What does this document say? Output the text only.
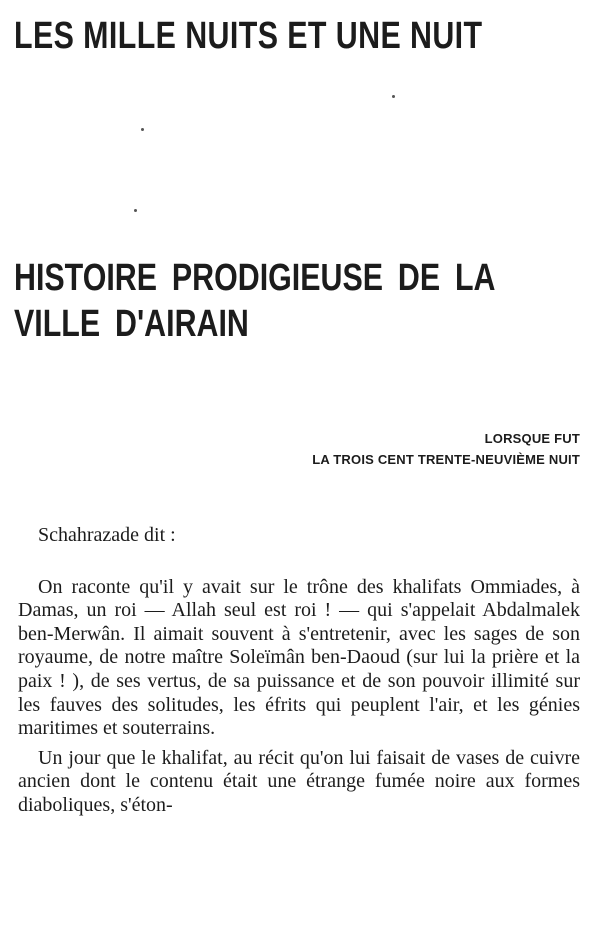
LES MILLE NUITS ET UNE NUIT
HISTOIRE PRODIGIEUSE DE LA VILLE D'AIRAIN
LORSQUE FUT
LA TROIS CENT TRENTE-NEUVIÈME NUIT

Schahrazade dit :

On raconte qu'il y avait sur le trône des khalifats Ommiades, à Damas, un roi — Allah seul est roi ! — qui s'appelait Abdalmalek ben-Merwân. Il aimait souvent à s'entretenir, avec les sages de son royaume, de notre maître Soleïmân ben-Daoud (sur lui la prière et la paix ! ), de ses vertus, de sa puissance et de son pouvoir illimité sur les fauves des solitudes, les éfrits qui peuplent l'air, et les génies maritimes et souterrains.

Un jour que le khalifat, au récit qu'on lui faisait de vases de cuivre ancien dont le contenu était une étrange fumée noire aux formes diaboliques, s'éton-
